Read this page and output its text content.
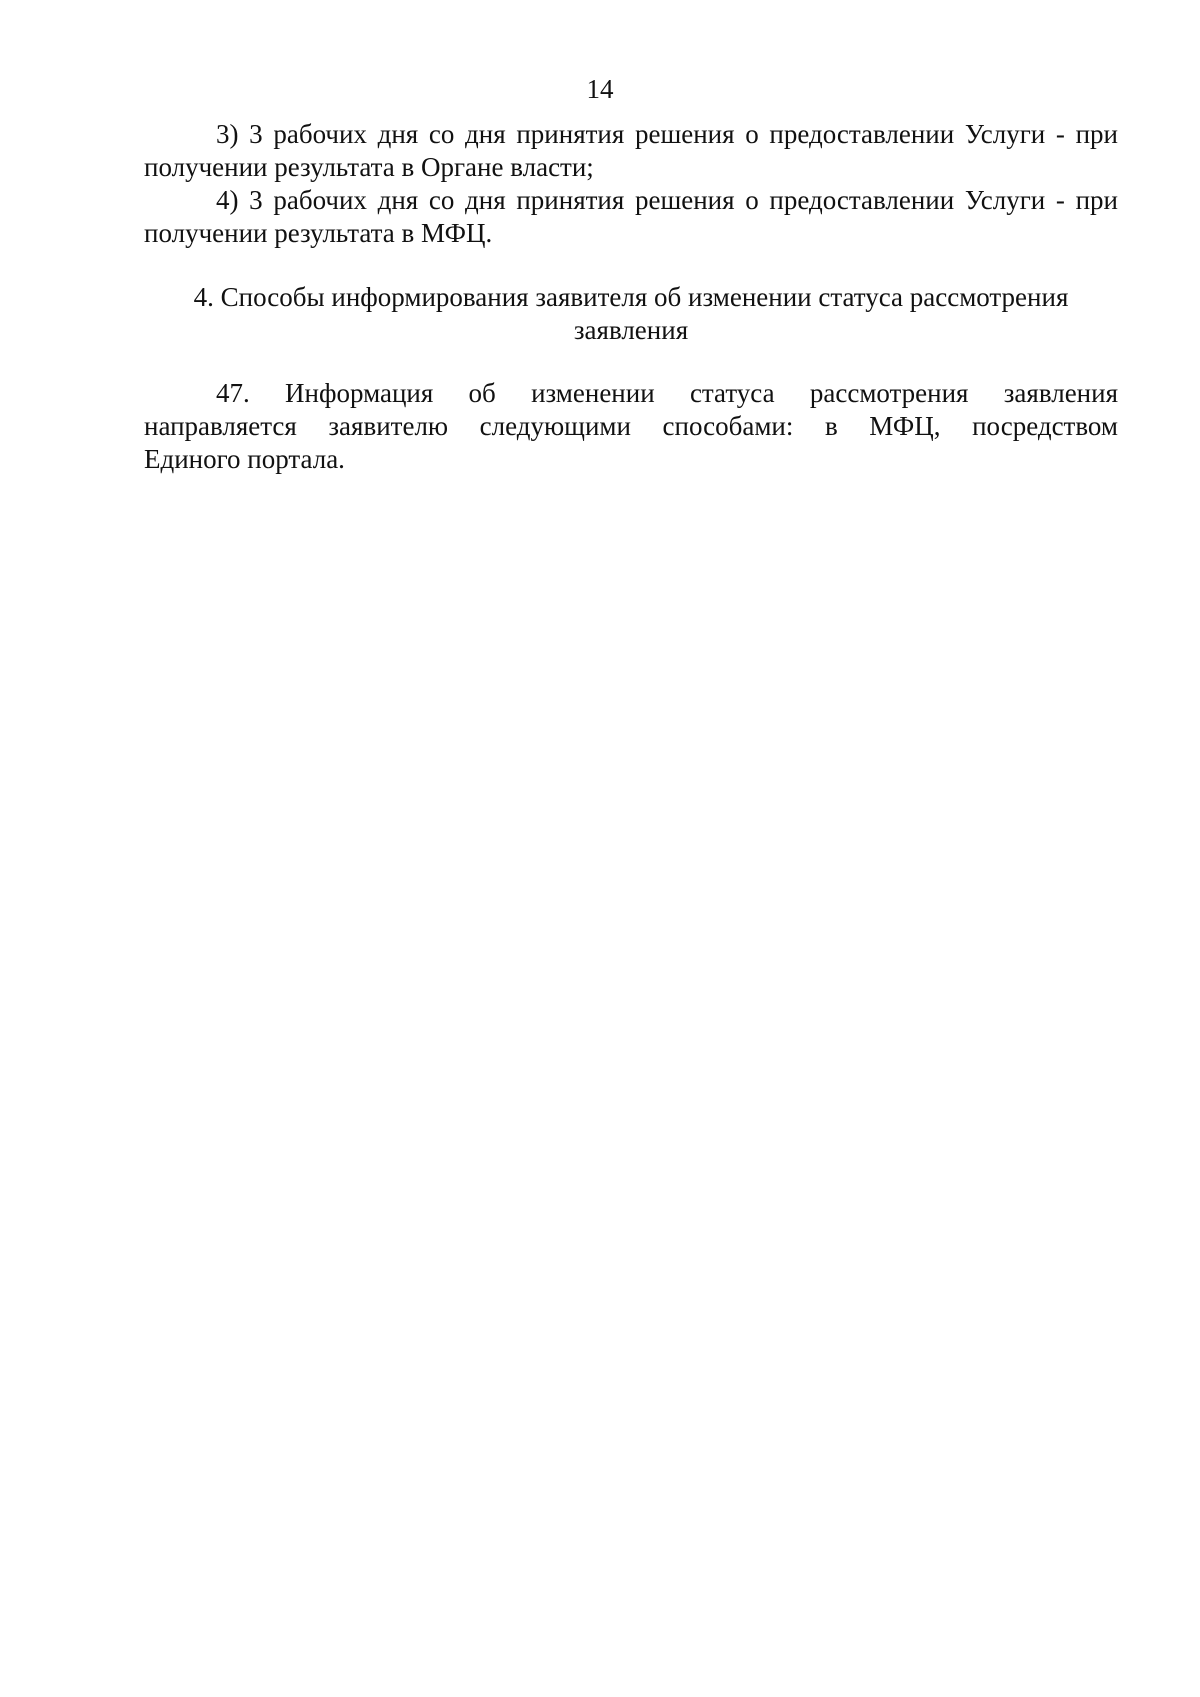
14

3) 3 рабочих дня со дня принятия решения о предоставлении Услуги - при получении результата в Органе власти;

4) 3 рабочих дня со дня принятия решения о предоставлении Услуги - при получении результата в МФЦ.

4. Способы информирования заявителя об изменении статуса рассмотрения заявления
47. Информация об изменении статуса рассмотрения заявления
направляется заявителю следующими способами: в МФЦ, посредством
Единого портала.
